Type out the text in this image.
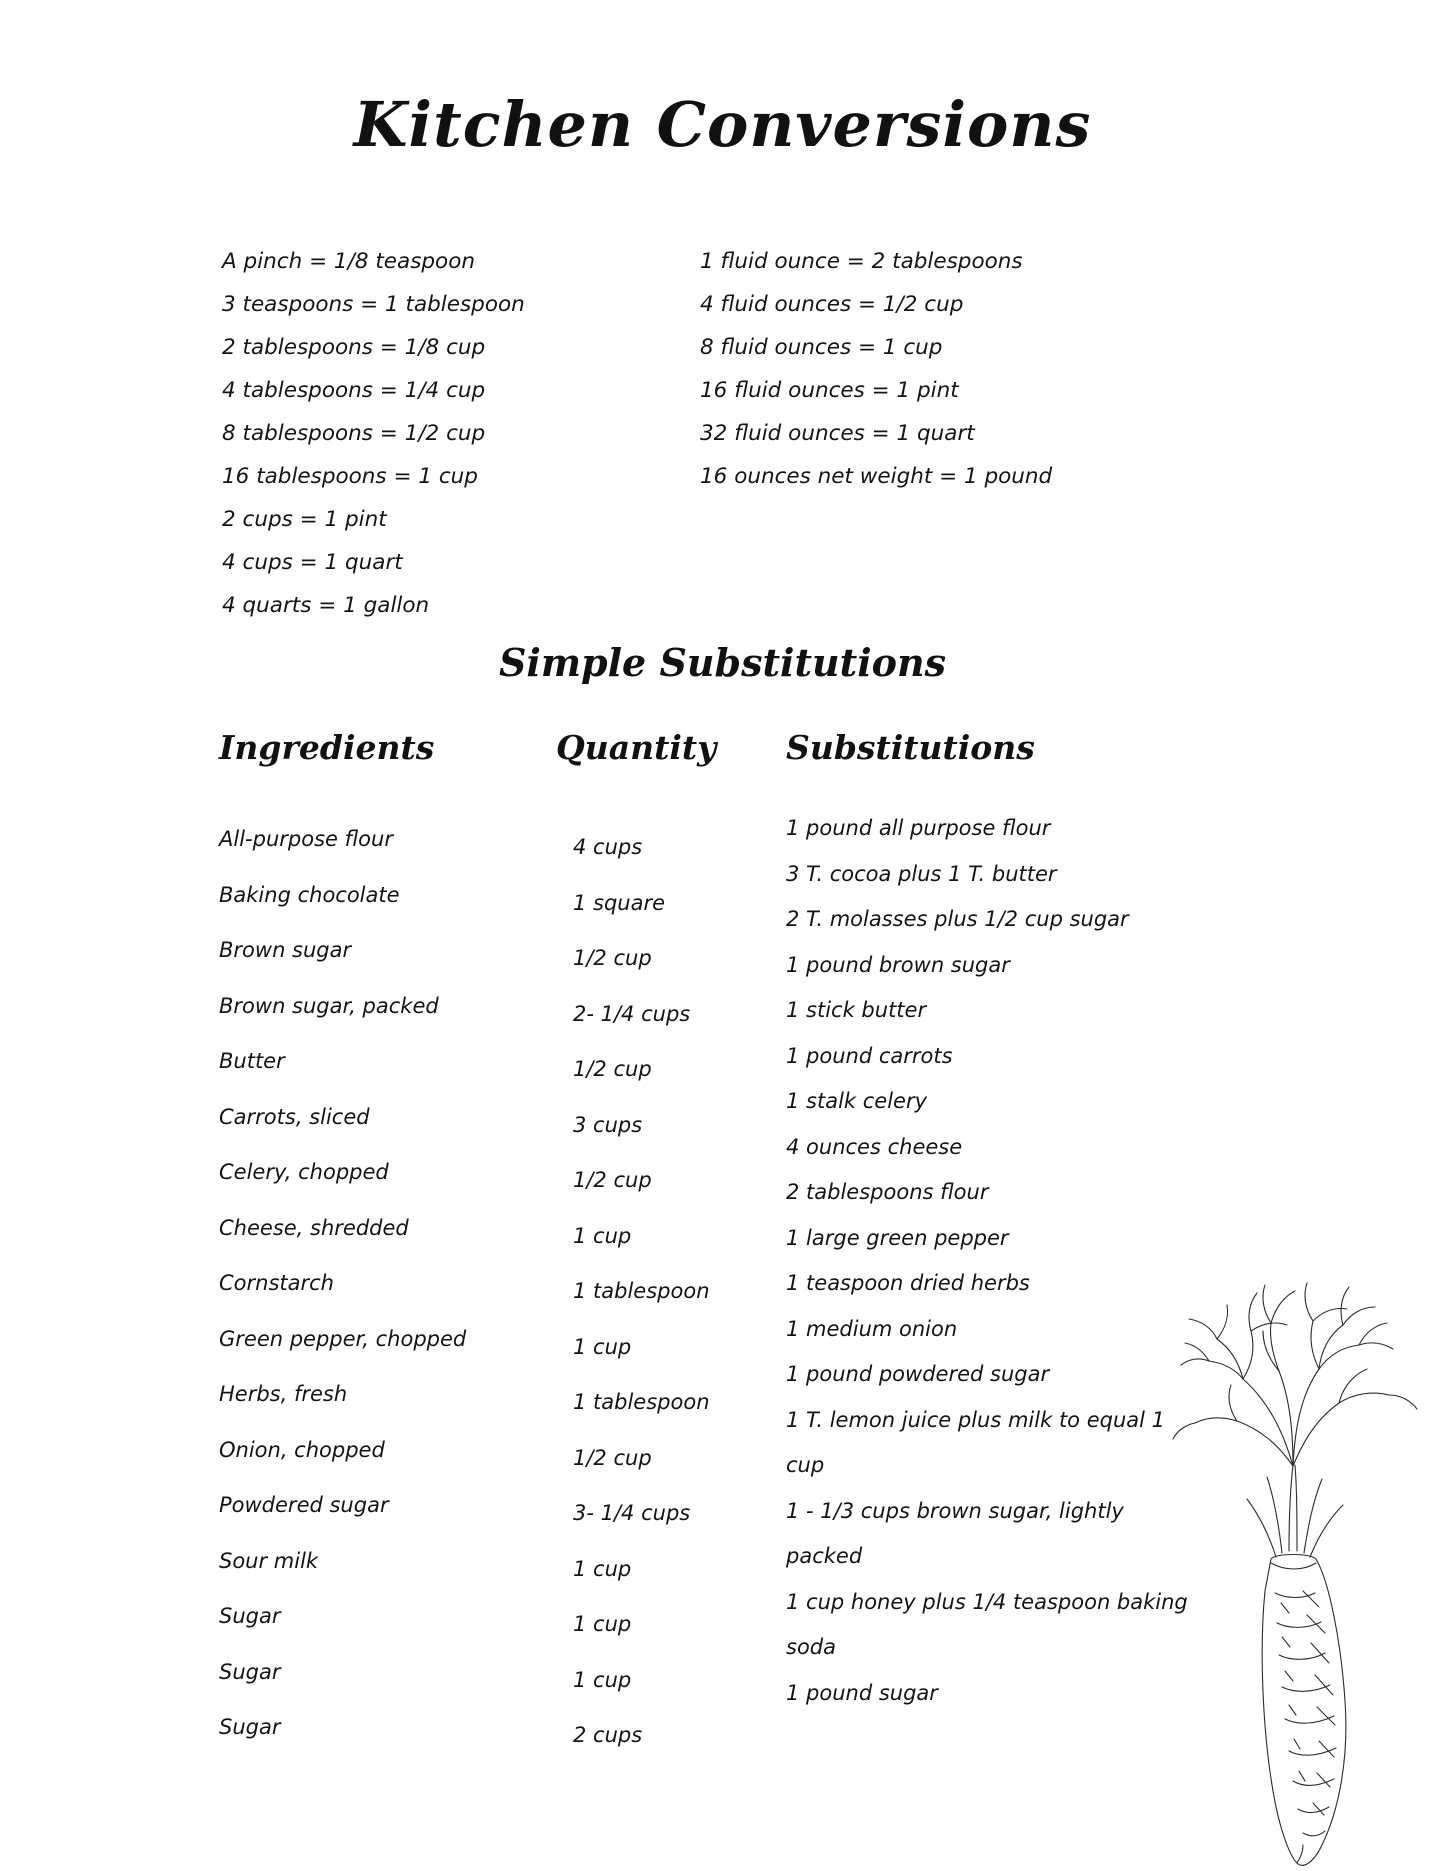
Kitchen Conversions
A pinch = 1/8 teaspoon
3 teaspoons = 1 tablespoon
2 tablespoons = 1/8 cup
4 tablespoons = 1/4 cup
8 tablespoons = 1/2 cup
16 tablespoons = 1 cup
2 cups = 1 pint
4 cups = 1 quart
4 quarts = 1 gallon
1 fluid ounce = 2 tablespoons
4 fluid ounces = 1/2 cup
8 fluid ounces = 1 cup
16 fluid ounces = 1 pint
32 fluid ounces = 1 quart
16 ounces net weight = 1 pound
Simple Substitutions
Ingredients	Quantity Substitutions
All-purpose flour
Baking chocolate
Brown sugar
Brown sugar, packed
Butter
Carrots, sliced
Celery, chopped
Cheese, shredded
Cornstarch
Green pepper, chopped
Herbs, fresh
Onion, chopped
Powdered sugar
Sour milk
Sugar
Sugar
Sugar
4 cups
1 square
1/2 cup
2- 1/4 cups
1/2 cup
3 cups
1/2 cup
1 cup
1 tablespoon
1 cup
1 tablespoon
1/2 cup
3- 1/4 cups
1 cup
1 cup
1 cup
2 cups
1 pound all purpose flour
3 T. cocoa plus 1 T. butter
2 T. molasses plus 1/2 cup sugar
1 pound brown sugar
1 stick butter
1 pound carrots
1 stalk celery
4 ounces cheese
2 tablespoons flour
1 large green pepper
1 teaspoon dried herbs
1 medium onion
1 pound powdered sugar
1 T. lemon juice plus milk to equal 1 cup
1 - 1/3 cups brown sugar, lightly packed
1 cup honey plus 1/4 teaspoon baking soda
1 pound sugar
